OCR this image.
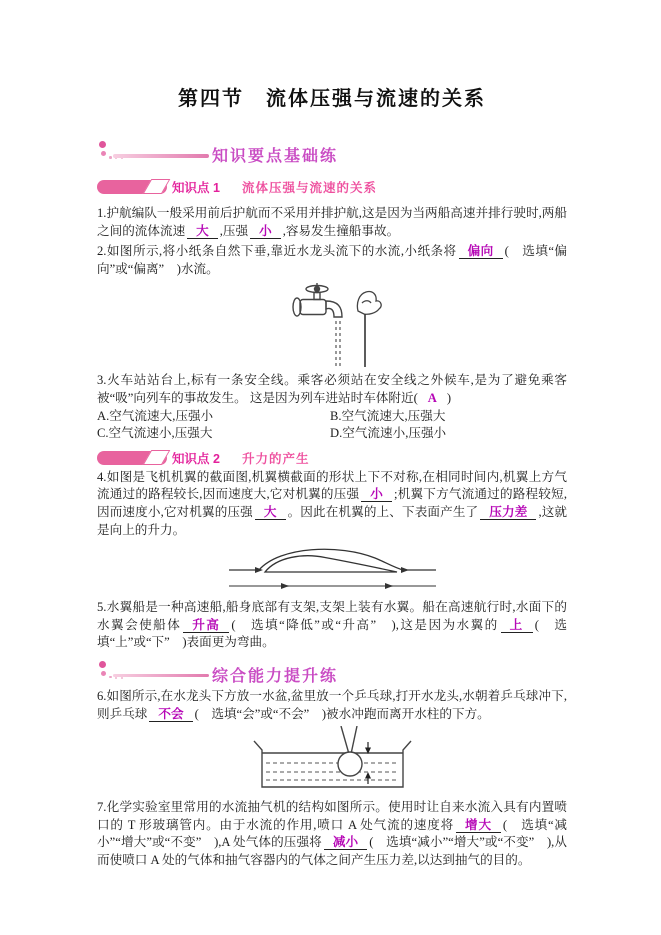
第四节　流体压强与流速的关系
知识要点基础练
知识点 1 流体压强与流速的关系

1.护航编队一般采用前后护航而不采用并排护航,这是因为当两船高速并排行驶时,两船之间的流体流速 大 ,压强 小 ,容易发生撞船事故。

2.如图所示,将小纸条自然下垂,靠近水龙头流下的水流,小纸条将 偏向 (　选填“偏向”或“偏离”　)水流。

3.火车站站台上,标有一条安全线。乘客必须站在安全线之外候车,是为了避免乘客被“吸”向列车的事故发生。 这是因为列车进站时车体附近( A )

A.空气流速大,压强小	B.空气流速大,压强大
C.空气流速小,压强大	D.空气流速小,压强小
知识点 2 升力的产生

4.如图是飞机机翼的截面图,机翼横截面的形状上下不对称,在相同时间内,机翼上方气流通过的路程较长,因而速度大,它对机翼的压强 小 ;机翼下方气流通过的路程较短,因而速度小,它对机翼的压强 大 。因此在机翼的上、下表面产生了 压力差 ,这就是向上的升力。

5.水翼船是一种高速船,船身底部有支架,支架上装有水翼。船在高速航行时,水面下的水翼会使船体 升高 (　选填“降低”或“升高”　),这是因为水翼的 上 (　选填“上”或“下”　)表面更为弯曲。

综合能力提升练

6.如图所示,在水龙头下方放一水盆,盆里放一个乒乓球,打开水龙头,水朝着乒乓球冲下,则乒乓球 不会 (　选填“会”或“不会”　)被水冲跑而离开水柱的下方。

7.化学实验室里常用的水流抽气机的结构如图所示。使用时让自来水流入具有内置喷口的 T 形玻璃管内。由于水流的作用,喷口 A 处气流的速度将 增大 (　选填“减小”“增大”或“不变”　),A 处气体的压强将 减小 (　选填“减小”“增大”或“不变”　),从而使喷口 A 处的气体和抽气容器内的气体之间产生压力差,以达到抽气的目的。
